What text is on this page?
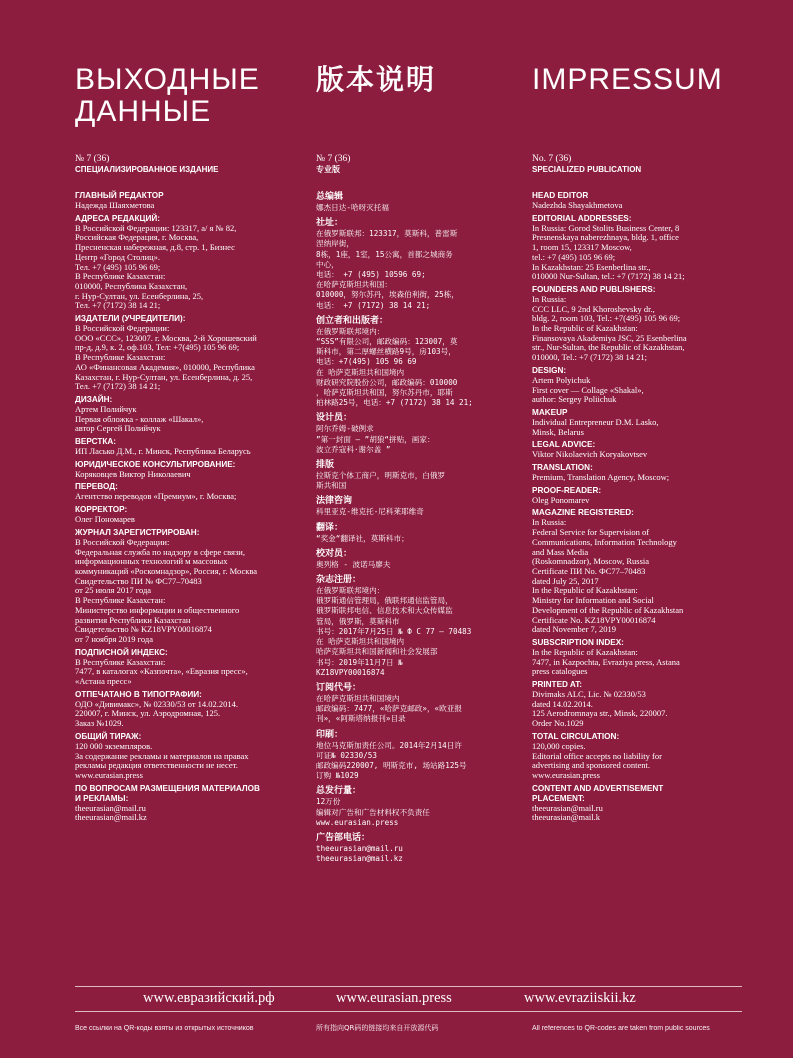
ВЫХОДНЫЕ
ДАННЫЕ
№ 7 (36)
СПЕЦИАЛИЗИРОВАННОЕ ИЗДАНИЕ
ГЛАВНЫЙ РЕДАКТОР
Надежда Шаяхметова
АДРЕСА РЕДАКЦИЙ:
В Российской Федерации: 123317, а/ я № 82,
Российская Федерация, г. Москва,
Пресненская набережная, д.8, стр. 1, Бизнес
Центр «Город Столиц».
Тел. +7 (495) 105 96 69;
В Республике Казахстан:
010000, Республика Казахстан,
г. Нур-Султан, ул. Есенберлина, 25,
Тел. +7 (7172) 38 14 21;
ИЗДАТЕЛИ (УЧРЕДИТЕЛИ):
В Российской Федерации:
ООО «ССС», 123007. г. Москва, 2-й Хорошевский
пр-д, д.9, к. 2, оф.103, Тел: +7(495) 105 96 69;
В Республике Казахстан:
АО «Финансовая Академия», 010000, Республика
Казахстан, г. Нур-Султан, ул. Есенберлина, д. 25,
Тел. +7 (7172) 38 14 21;
ДИЗАЙН:
Артем Полийчук
Первая обложка - коллаж «Шакал»,
автор Сергей Полийчук
ВЕРСТКА:
ИП Ласько Д.М., г. Минск, Республика Беларусь
ЮРИДИЧЕСКОЕ КОНСУЛЬТИРОВАНИЕ:
Коряковцев Виктор Николаевич
ПЕРЕВОД:
Агентство переводов «Премиум», г. Москва;
КОРРЕКТОР:
Олег Пономарев
ЖУРНАЛ ЗАРЕГИСТРИРОВАН:
В Российской Федерации:
Федеральная служба по надзору в сфере связи,
информационных технологий м массовых
коммуникаций «Роскомнадзор», Россия, г. Москва
Свидетельство ПИ № ФС77–70483
от 25 июля 2017 года
В Республике Казахстан:
Министерство информации и общественного
развития Республики Казахстан
Свидетельство № KZ18VPY00016874
от 7 ноября 2019 года
ПОДПИСНОЙ ИНДЕКС:
В Республике Казахстан:
7477, в каталогах «Казпочта», «Евразия пресс»,
«Астана пресс»
ОТПЕЧАТАНО В ТИПОГРАФИИ:
ОДО «Дивимакс», № 02330/53 от 14.02.2014.
220007, г. Минск, ул. Аэродромная, 125.
Заказ №1029.
ОБЩИЙ ТИРАЖ:
120 000 экземпляров.
За содержание рекламы и материалов на правах
рекламы редакция ответственности не несет.
www.eurasian.press
ПО ВОПРОСАМ РАЗМЕЩЕНИЯ МАТЕРИАЛОВ
И РЕКЛАМЫ:
theeurasian@mail.ru
theeurasian@mail.kz
版本说明
№ 7 (36)
专业版
总编辑
娜杰日达-哈呀灭托福
社址：
在俄罗斯联邦：123317，莫斯科，普雷斯
涅纳岸街，
8栋，1座，1室，15公寓，首都之城商务
中心，
电话： +7 (495) 10596 69;
在哈萨克斯坦共和国：
010000，努尔苏丹，埃森伯利街，25栋，
电话： +7 (7172) 38 14 21;
创立者和出版者：
在俄罗斯联邦境内：
“SSS”有限公司，邮政编码：123007，莫
斯科市，第二厚螺丝横路9号，房103号，
电话：+7(495) 105 96 69
在 哈萨克斯坦共和国境内
财政研究院股份公司，邮政编码：010000
，哈萨克斯坦共和国，努尔苏丹市，耶斯
柏林路25号，电话：+7 (7172) 38 14 21;
设计员：
阿尔乔姆-破例求
”第一封面 — ”胡狼“拼贴，画家：
波立乔寇科·谢尔盖 ”
排版
拉斯克个体工商户，明斯克市，白俄罗
斯共和国
法律咨询
科里亚克-维克托-尼科莱耶维奇
翻译：
“奖金“翻译社，莫斯科市；
校对员：
奥列格 - 波诺马廖夫
杂志注册：
在俄罗斯联邦境内：
俄罗斯通信管理局，俄联邦通信监管局，
俄罗斯联邦电信、信息技术和大众传媒监
管局，俄罗斯，莫斯科市
书号：2017年7月25日 № Ф С 77 – 70483
在 哈萨克斯坦共和国境内
哈萨克斯坦共和国新闻和社会发展部
书号：2019年11月7日 №
KZ18VPY00016874
订阅代号：
在哈萨克斯坦共和国境内
邮政编码：7477，«哈萨克邮政»，«欧亚报
刊»，«阿斯塔纳报刊»目录
印刷：
地位马克斯加责任公司。2014年2月14日许
可证№ 02330/53
邮政编码220007, 明斯克市, 场站路125号
订购 №1029
总发行量：
12万份
编辑对广告和广告材料权不负责任
www.eurasian.press
广告部电话：
theeurasian@mail.ru
theeurasian@mail.kz
IMPRESSUM
No. 7 (36)
SPECIALIZED PUBLICATION
HEAD EDITOR
Nadezhda Shayakhmetova
EDITORIAL ADDRESSES:
In Russia: Gorod Stolits Business Center, 8
Presnenskaya naberezhnaya, bldg. 1, office
1, room 15, 123317 Moscow,
tel.: +7 (495) 105 96 69;
In Kazakhstan: 25 Esenberlina str.,
010000 Nur-Sultan, tel.: +7 (7172) 38 14 21;
FOUNDERS AND PUBLISHERS:
In Russia:
CCC LLC, 9 2nd Khoroshevsky dr.,
bldg. 2, room 103, Tel.: +7(495) 105 96 69;
In the Republic of Kazakhstan:
Finansovaya Akademiya JSC, 25 Esenberlina
str., Nur-Sultan, the Republic of Kazakhstan,
010000, Tel.: +7 (7172) 38 14 21;
DESIGN:
Artem Polyichuk
First cover — Collage «Shakal»,
author: Sergey Poliichuk
MAKEUP
Individual Entrepreneur D.M. Lasko,
Minsk, Belarus
LEGAL ADVICE:
Viktor Nikolaevich Koryakovtsev
TRANSLATION:
Premium, Translation Agency, Moscow;
PROOF-READER:
Oleg Ponomarev
MAGAZINE REGISTERED:
In Russia:
Federal Service for Supervision of
Communications, Information Technology
and Mass Media
(Roskomnadzor), Moscow, Russia
Certificate ПИ No. ФС77–70483
dated July 25, 2017
In the Republic of Kazakhstan:
Ministry for Information and Social
Development of the Republic of Kazakhstan
Certificate No. KZ18VPY00016874
dated November 7, 2019
SUBSCRIPTION INDEX:
In the Republic of Kazakhstan:
7477, in Kazpochta, Evraziya press, Astana
press catalogues
PRINTED AT:
Divimaks ALC, Lic. № 02330/53
dated 14.02.2014.
125 Aerodromnaya str., Minsk, 220007.
Order No.1029
TOTAL CIRCULATION:
120,000 copies.
Editorial office accepts no liability for
advertising and sponsored content.
www.eurasian.press
CONTENT AND ADVERTISEMENT
PLACEMENT:
theeurasian@mail.ru
theeurasian@mail.k
www.евразийский.рф	www.eurasian.press	www.evraziiskii.kz
Все ссылки на QR-коды взяты из открытых источников	所有指向QR码的链接均来自开放源代码	All references to QR-codes are taken from public sources
